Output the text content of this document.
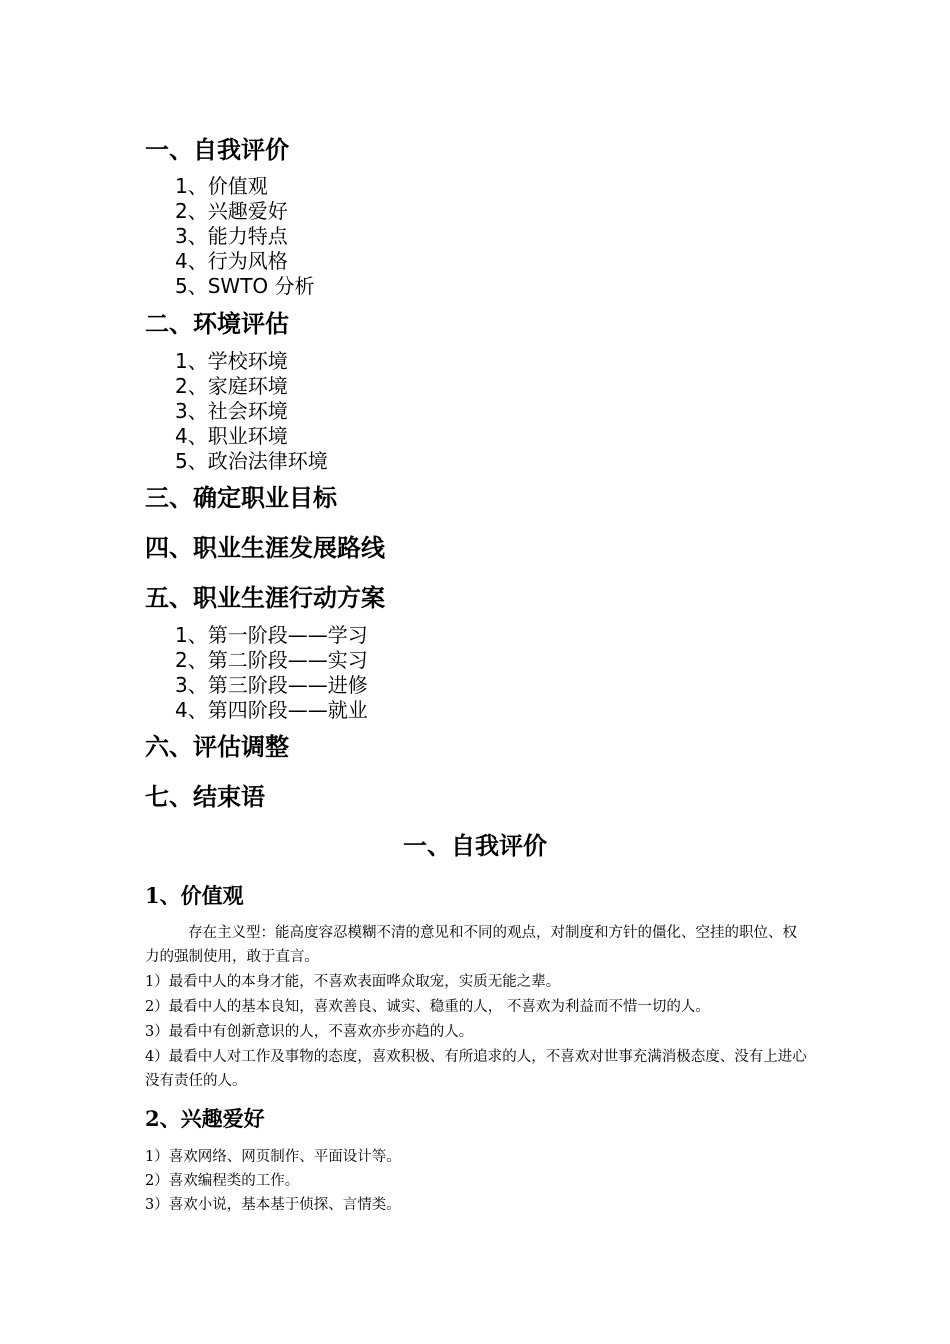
一、自我评价
1、价值观
2、兴趣爱好
3、能力特点
4、行为风格
5、SWTO 分析
二、环境评估
1、学校环境
2、家庭环境
3、社会环境
4、职业环境
5、政治法律环境
三、确定职业目标
四、职业生涯发展路线
五、职业生涯行动方案
1、第一阶段——学习
2、第二阶段——实习
3、第三阶段——进修
4、第四阶段——就业
六、评估调整
七、结束语
一、自我评价
1、价值观

存在主义型：能高度容忍模糊不清的意见和不同的观点，对制度和方针的僵化、空挂的职位、权力的强制使用，敢于直言。

1）最看中人的本身才能，不喜欢表面哗众取宠，实质无能之辈。

2）最看中人的基本良知，喜欢善良、诚实、稳重的人， 不喜欢为利益而不惜一切的人。

3）最看中有创新意识的人，不喜欢亦步亦趋的人。

4）最看中人对工作及事物的态度，喜欢积极、有所追求的人，不喜欢对世事充满消极态度、没有上进心没有责任的人。

2、兴趣爱好

1）喜欢网络、网页制作、平面设计等。

2）喜欢编程类的工作。

3）喜欢小说，基本基于侦探、言情类。
